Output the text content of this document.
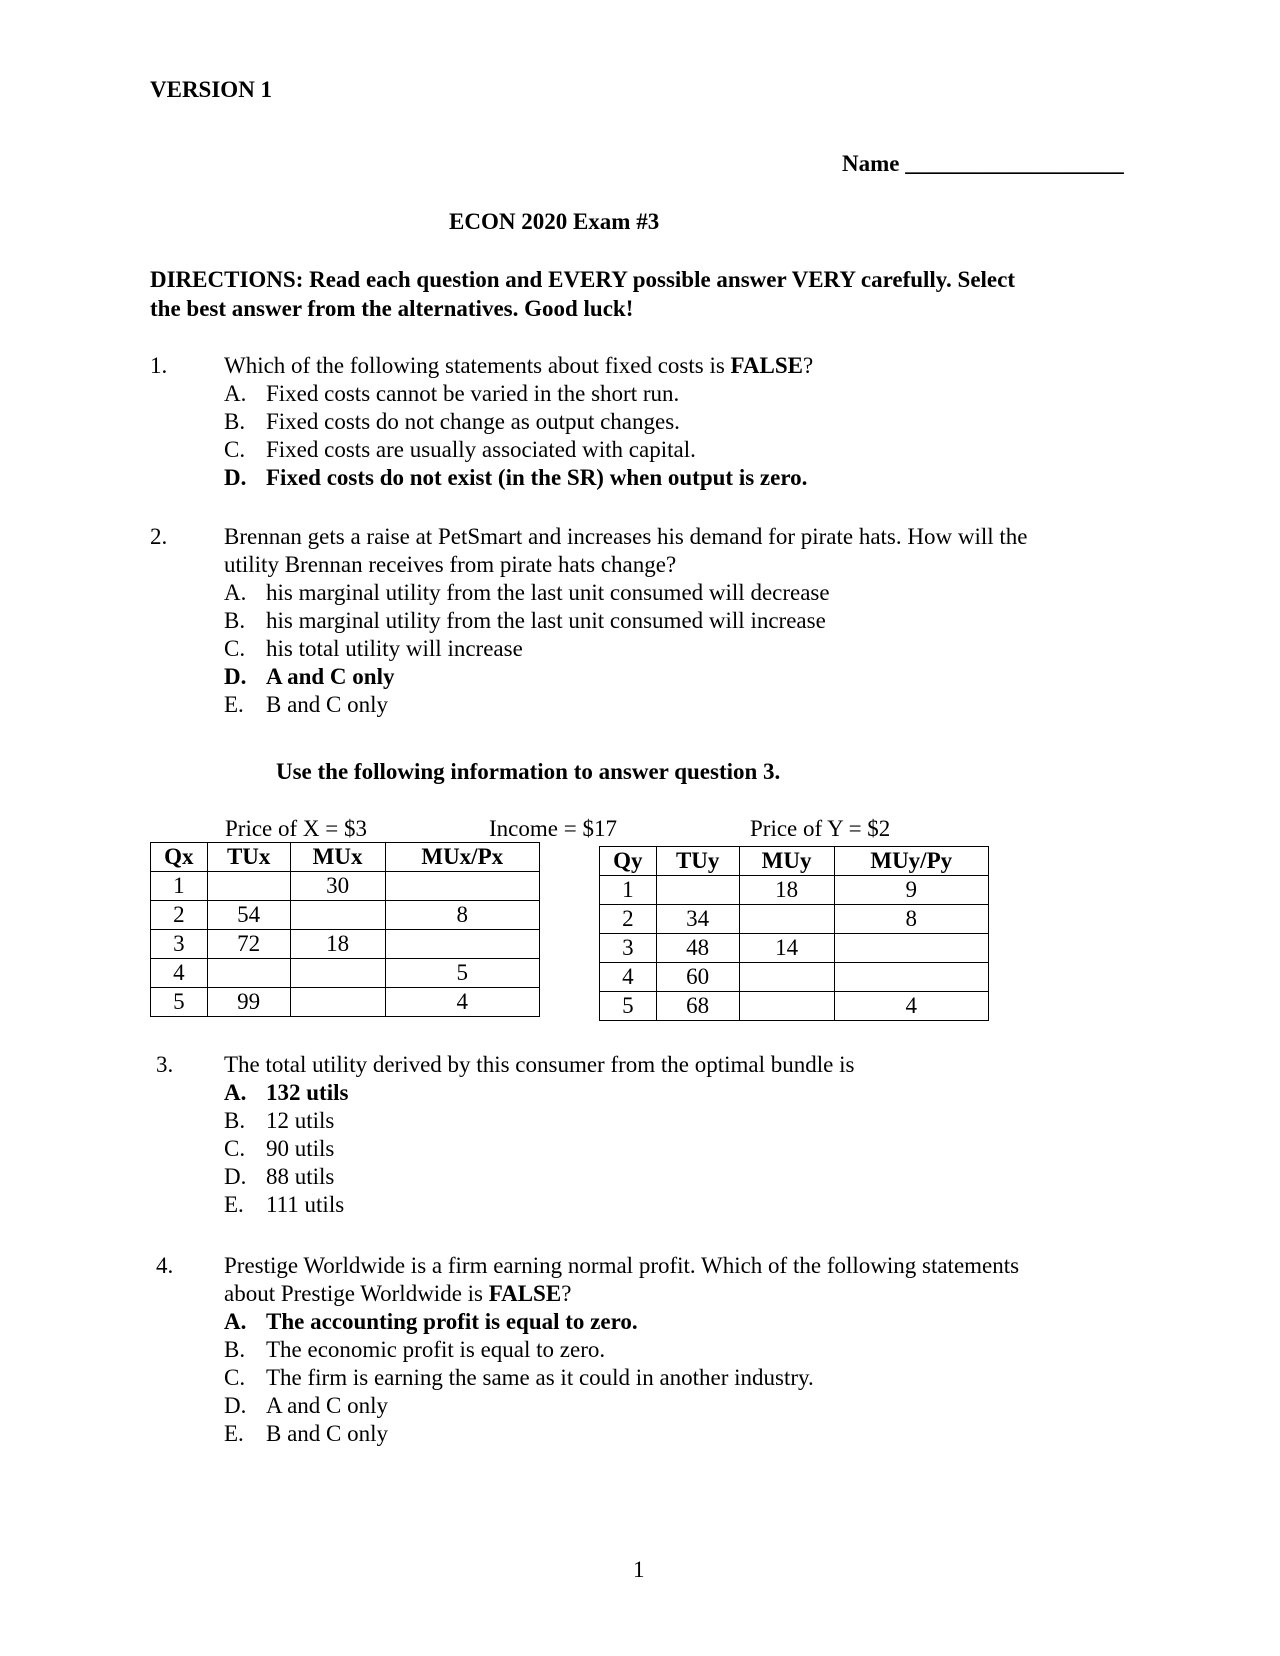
VERSION 1
Name ___________________
ECON 2020 Exam #3
DIRECTIONS: Read each question and EVERY possible answer VERY carefully. Select
the best answer from the alternatives. Good luck!
1. Which of the following statements about fixed costs is FALSE?
A. Fixed costs cannot be varied in the short run.
B. Fixed costs do not change as output changes.
C. Fixed costs are usually associated with capital.
D. Fixed costs do not exist (in the SR) when output is zero.
2. Brennan gets a raise at PetSmart and increases his demand for pirate hats. How will the
utility Brennan receives from pirate hats change?
A. his marginal utility from the last unit consumed will decrease
B. his marginal utility from the last unit consumed will increase
C. his total utility will increase
D. A and C only
E. B and C only
Use the following information to answer question 3.
Price of X = $3	Income = $17	Price of Y = $2
Qx	TUx	MUx	MUx/Px
1		30	
2	54		8
3	72	18	
4			5
5	99		4
Qy	TUy	MUy	MUy/Py
1		18	9
2	34		8
3	48	14	
4	60		
5	68		4
3. The total utility derived by this consumer from the optimal bundle is
A. 132 utils
B. 12 utils
C. 90 utils
D. 88 utils
E. 111 utils
4. Prestige Worldwide is a firm earning normal profit. Which of the following statements
about Prestige Worldwide is FALSE?
A. The accounting profit is equal to zero.
B. The economic profit is equal to zero.
C. The firm is earning the same as it could in another industry.
D. A and C only
E. B and C only
1
